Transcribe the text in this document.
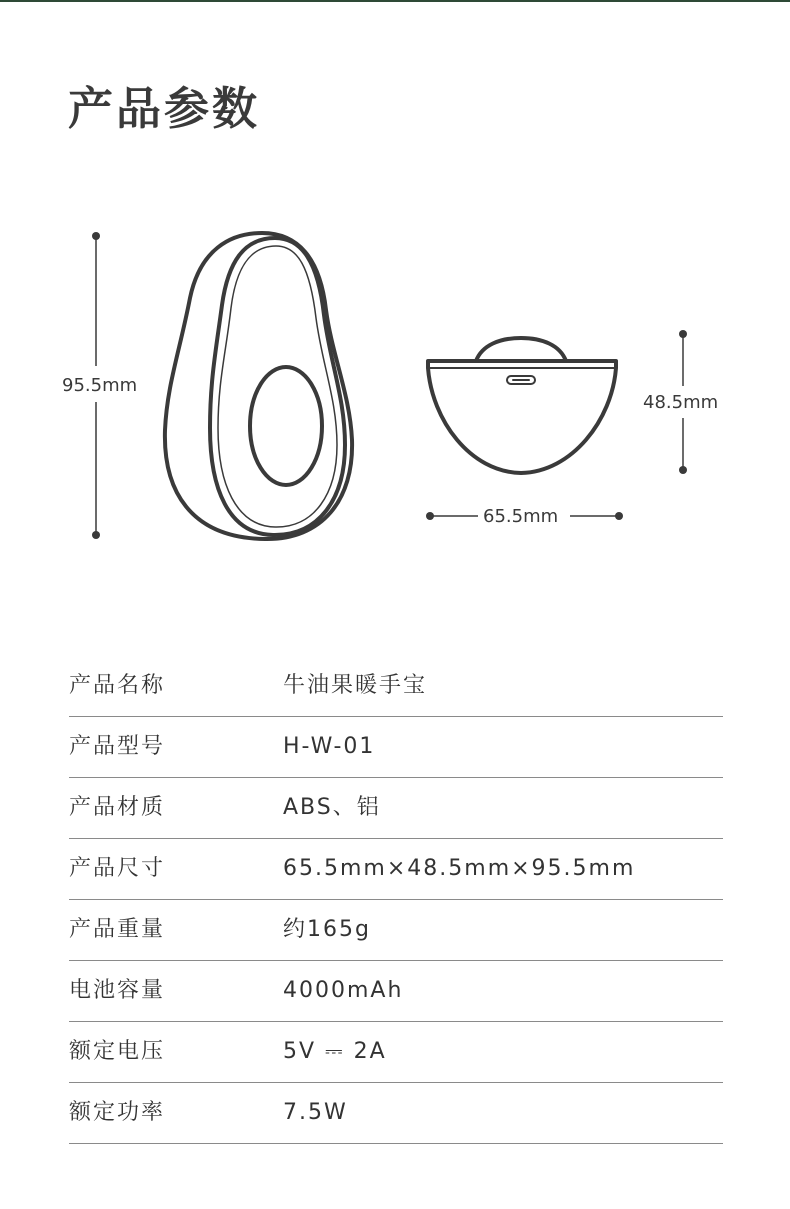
产品参数
95.5mm
48.5mm
65.5mm
产品名称	牛油果暖手宝
产品型号	H-W-01
产品材质	ABS、铝
产品尺寸	65.5mm×48.5mm×95.5mm
产品重量	约165g
电池容量	4000mAh
额定电压	5V ⎓ 2A
额定功率	7.5W
